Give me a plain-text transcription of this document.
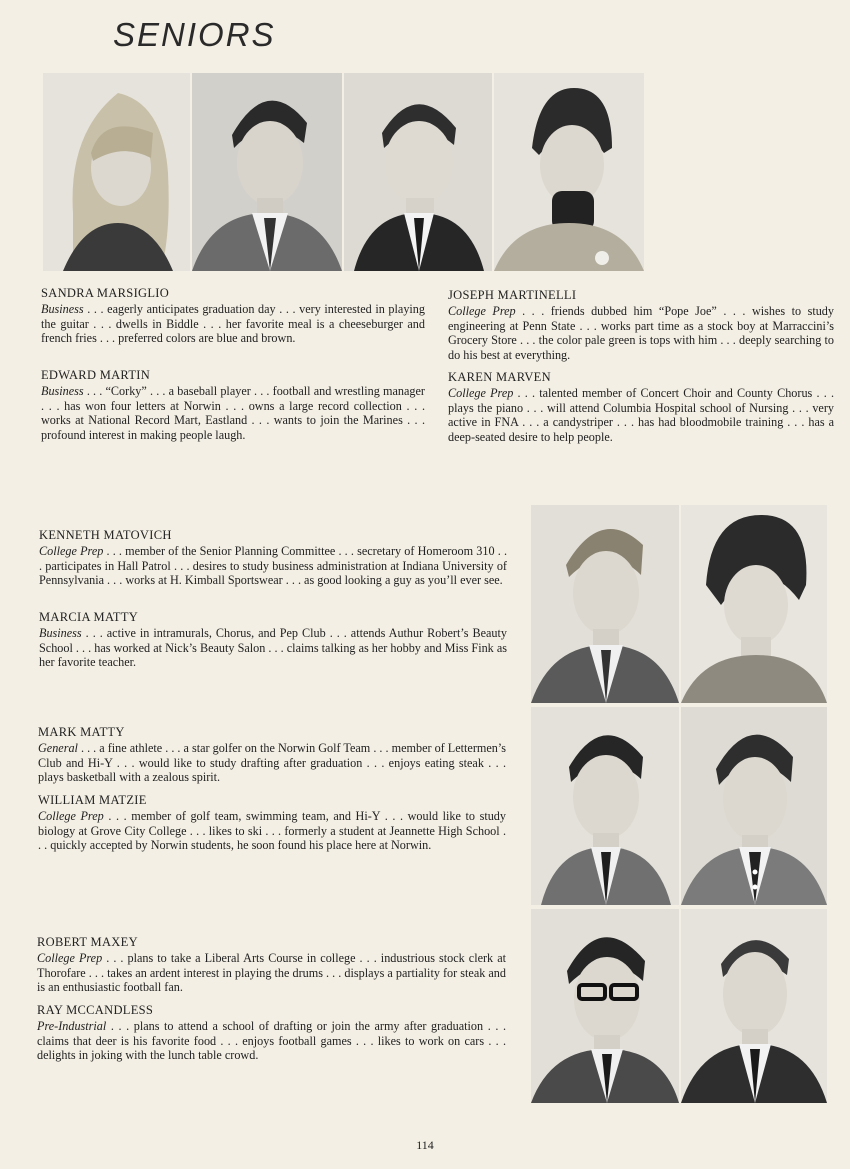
SENIORS
SANDRA MARSIGLIO
Business . . . eagerly anticipates graduation day . . . very interested in playing the guitar . . . dwells in Biddle . . . her favorite meal is a cheeseburger and french fries . . . preferred colors are blue and brown.
EDWARD MARTIN
Business . . . “Corky” . . . a baseball player . . . football and wrestling manager . . . has won four letters at Norwin . . . owns a large record collection . . . works at National Record Mart, Eastland . . . wants to join the Marines . . . profound interest in making people laugh.
JOSEPH MARTINELLI
College Prep . . . friends dubbed him “Pope Joe” . . . wishes to study engineering at Penn State . . . works part time as a stock boy at Marraccini’s Grocery Store . . . the color pale green is tops with him . . . deeply searching to do his best at everything.
KAREN MARVEN
College Prep . . . talented member of Concert Choir and County Chorus . . . plays the piano . . . will attend Columbia Hospital school of Nursing . . . very active in FNA . . . a candystriper . . . has had bloodmobile training . . . has a deep-seated desire to help people.
KENNETH MATOVICH
College Prep . . . member of the Senior Planning Committee . . . secretary of Homeroom 310 . . . participates in Hall Patrol . . . desires to study business administration at Indiana University of Pennsylvania . . . works at H. Kimball Sportswear . . . as good looking a guy as you’ll ever see.
MARCIA MATTY
Business . . . active in intramurals, Chorus, and Pep Club . . . attends Authur Robert’s Beauty School . . . has worked at Nick’s Beauty Salon . . . claims talking as her hobby and Miss Fink as her favorite teacher.
MARK MATTY
General . . . a fine athlete . . . a star golfer on the Norwin Golf Team . . . member of Lettermen’s Club and Hi-Y . . . would like to study drafting after graduation . . . enjoys eating steak . . . plays basketball with a zealous spirit.
WILLIAM MATZIE
College Prep . . . member of golf team, swimming team, and Hi-Y . . . would like to study biology at Grove City College . . . likes to ski . . . formerly a student at Jeannette High School . . . quickly accepted by Norwin students, he soon found his place here at Norwin.
ROBERT MAXEY
College Prep . . . plans to take a Liberal Arts Course in college . . . industrious stock clerk at Thorofare . . . takes an ardent interest in playing the drums . . . displays a partiality for steak and is an enthusiastic football fan.
RAY MCCANDLESS
Pre-Industrial . . . plans to attend a school of drafting or join the army after graduation . . . claims that deer is his favorite food . . . enjoys football games . . . likes to work on cars . . . delights in joking with the lunch table crowd.
114
